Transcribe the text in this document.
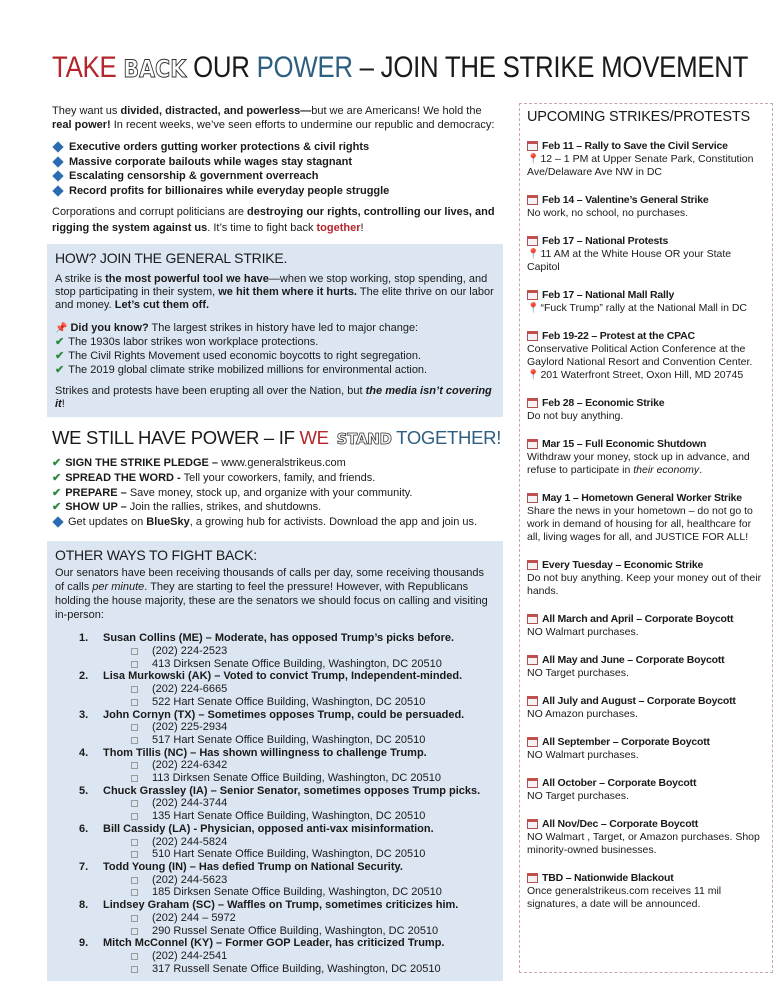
TAKE BACK OUR POWER – JOIN THE STRIKE MOVEMENT

They want us divided, distracted, and powerless—but we are Americans! We hold the real power! In recent weeks, we’ve seen efforts to undermine our republic and democracy:

Executive orders gutting worker protections & civil rights
Massive corporate bailouts while wages stay stagnant
Escalating censorship & government overreach
Record profits for billionaires while everyday people struggle

Corporations and corrupt politicians are destroying our rights, controlling our lives, and rigging the system against us. It’s time to fight back together!

HOW? JOIN THE GENERAL STRIKE.

A strike is the most powerful tool we have—when we stop working, stop spending, and stop participating in their system, we hit them where it hurts. The elite thrive on our labor and money. Let’s cut them off.

📌 Did you know? The largest strikes in history have led to major change:
✔ The 1930s labor strikes won workplace protections.
✔ The Civil Rights Movement used economic boycotts to right segregation.
✔ The 2019 global climate strike mobilized millions for environmental action.

Strikes and protests have been erupting all over the Nation, but the media isn’t covering it!

WE STILL HAVE POWER – IF WE STAND TOGETHER!
✔ SIGN THE STRIKE PLEDGE – www.generalstrikeus.com
✔ SPREAD THE WORD - Tell your coworkers, family, and friends.
✔ PREPARE – Save money, stock up, and organize with your community.
✔ SHOW UP – Join the rallies, strikes, and shutdowns.
Get updates on BlueSky, a growing hub for activists. Download the app and join us.
OTHER WAYS TO FIGHT BACK:

Our senators have been receiving thousands of calls per day, some receiving thousands of calls per minute. They are starting to feel the pressure! However, with Republicans holding the house majority, these are the senators we should focus on calling and visiting in-person:

1.	Susan Collins (ME) – Moderate, has opposed Trump’s picks before.
(202) 224-2523
413 Dirksen Senate Office Building, Washington, DC 20510
2.	Lisa Murkowski (AK) – Voted to convict Trump, Independent-minded.
(202) 224-6665
522 Hart Senate Office Building, Washington, DC 20510
3.	John Cornyn (TX) – Sometimes opposes Trump, could be persuaded.
(202) 225-2934
517 Hart Senate Office Building, Washington, DC 20510
4.	Thom Tillis (NC) – Has shown willingness to challenge Trump.
(202) 224-6342
113 Dirksen Senate Office Building, Washington, DC 20510
5.	Chuck Grassley (IA) – Senior Senator, sometimes opposes Trump picks.
(202) 244-3744
135 Hart Senate Office Building, Washington, DC 20510
6.	Bill Cassidy (LA) - Physician, opposed anti-vax misinformation.
(202) 244-5824
510 Hart Senate Office Building, Washington, DC 20510
7.	Todd Young (IN) – Has defied Trump on National Security.
(202) 244-5623
185 Dirksen Senate Office Building, Washington, DC 20510
8.	Lindsey Graham (SC) – Waffles on Trump, sometimes criticizes him.
(202) 244 – 5972
290 Russel Senate Office Building, Washington, DC 20510
9.	Mitch McConnel (KY) – Former GOP Leader, has criticized Trump.
(202) 244-2541
317 Russell Senate Office Building, Washington, DC 20510
UPCOMING STRIKES/PROTESTS
Feb 11 – Rally to Save the Civil Service
📍12 – 1 PM at Upper Senate Park, Constitution Ave/Delaware Ave NW in DC
Feb 14 – Valentine’s General Strike
No work, no school, no purchases.
Feb 17 – National Protests
📍11 AM at the White House OR your State Capitol
Feb 17 – National Mall Rally
📍“Fuck Trump” rally at the National Mall in DC
Feb 19-22 – Protest at the CPAC
Conservative Political Action Conference at the Gaylord National Resort and Convention Center.
📍201 Waterfront Street, Oxon Hill, MD 20745
Feb 28 – Economic Strike
Do not buy anything.
Mar 15 – Full Economic Shutdown
Withdraw your money, stock up in advance, and refuse to participate in their economy.
May 1 – Hometown General Worker Strike
Share the news in your hometown – do not go to work in demand of housing for all, healthcare for all, living wages for all, and JUSTICE FOR ALL!
Every Tuesday – Economic Strike
Do not buy anything. Keep your money out of their hands.
All March and April – Corporate Boycott
NO Walmart purchases.
All May and June – Corporate Boycott
NO Target purchases.
All July and August – Corporate Boycott
NO Amazon purchases.
All September – Corporate Boycott
NO Walmart purchases.
All October – Corporate Boycott
NO Target purchases.
All Nov/Dec – Corporate Boycott
NO Walmart , Target, or Amazon purchases. Shop minority-owned businesses.
TBD – Nationwide Blackout
Once generalstrikeus.com receives 11 mil signatures, a date will be announced.
